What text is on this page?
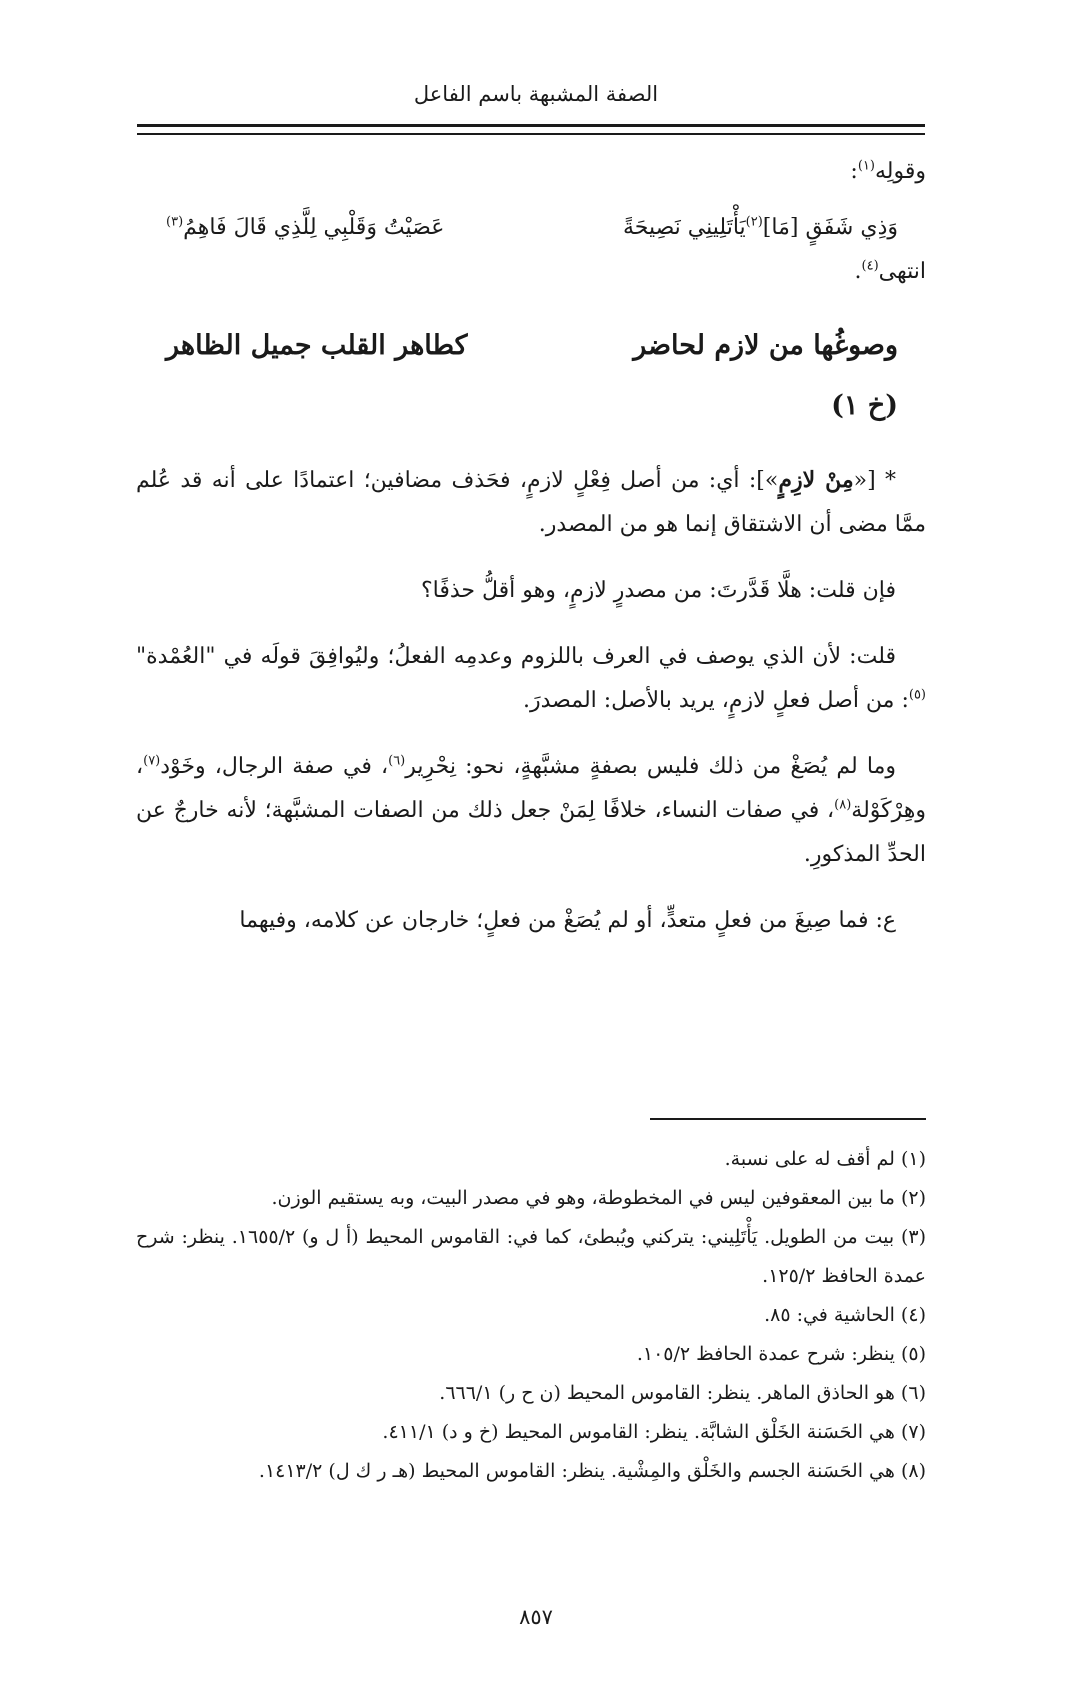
الصفة المشبهة باسم الفاعل

وقولِه$^{(١)}$:

وَذِي شَفَقٍ [مَا]$^{(٢)}$يَأْتَلِينِي نَصِيحَةً
عَصَيْتُ وَقَلْبِي لِلَّذِي قَالَ فَاهِمُ$^{(٣)}$

انتهى$^{(٤)}$.

وصوغُها من لازم لحاضر
كطاهر القلب جميل الظاهر

(خ ١)

* [«مِنْ لازِمٍ»]: أي: من أصل فِعْلٍ لازمٍ، فحَذف مضافين؛ اعتمادًا على أنه قد عُلم ممَّا مضى أن الاشتقاق إنما هو من المصدر.

فإن قلت: هلَّا قَدَّرتَ: من مصدرٍ لازمٍ، وهو أقلُّ حذفًا؟

قلت: لأن الذي يوصف في العرف باللزوم وعدمِه الفعلُ؛ وليُوافِقَ قولَه في "العُمْدة"$^{(٥)}$: من أصل فعلٍ لازمٍ، يريد بالأصل: المصدرَ.

وما لم يُصَغْ من ذلك فليس بصفةٍ مشبَّهةٍ، نحو: نِحْرِير$^{(٦)}$، في صفة الرجال، وخَوْد$^{(٧)}$، وهِرْكَوْلة$^{(٨)}$، في صفات النساء، خلافًا لِمَنْ جعل ذلك من الصفات المشبَّهة؛ لأنه خارجٌ عن الحدِّ المذكورِ.

ع: فما صِيغَ من فعلٍ متعدٍّ، أو لم يُصَغْ من فعلٍ؛ خارجان عن كلامه، وفيهما

(١) لم أقف له على نسبة.

(٢) ما بين المعقوفين ليس في المخطوطة، وهو في مصدر البيت، وبه يستقيم الوزن.

(٣) بيت من الطويل. يَأْتَلِيني: يتركني ويُبطئ، كما في: القاموس المحيط (أ ل و) ١٦٥٥/٢. ينظر: شرح عمدة الحافظ ١٢٥/٢.

(٤) الحاشية في: ٨٥.

(٥) ينظر: شرح عمدة الحافظ ١٠٥/٢.

(٦) هو الحاذق الماهر. ينظر: القاموس المحيط (ن ح ر) ٦٦٦/١.

(٧) هي الحَسَنة الخَلْق الشابَّة. ينظر: القاموس المحيط (خ و د) ٤١١/١.

(٨) هي الحَسَنة الجسم والخَلْق والمِشْية. ينظر: القاموس المحيط (هـ ر ك ل) ١٤١٣/٢.

٨٥٧
